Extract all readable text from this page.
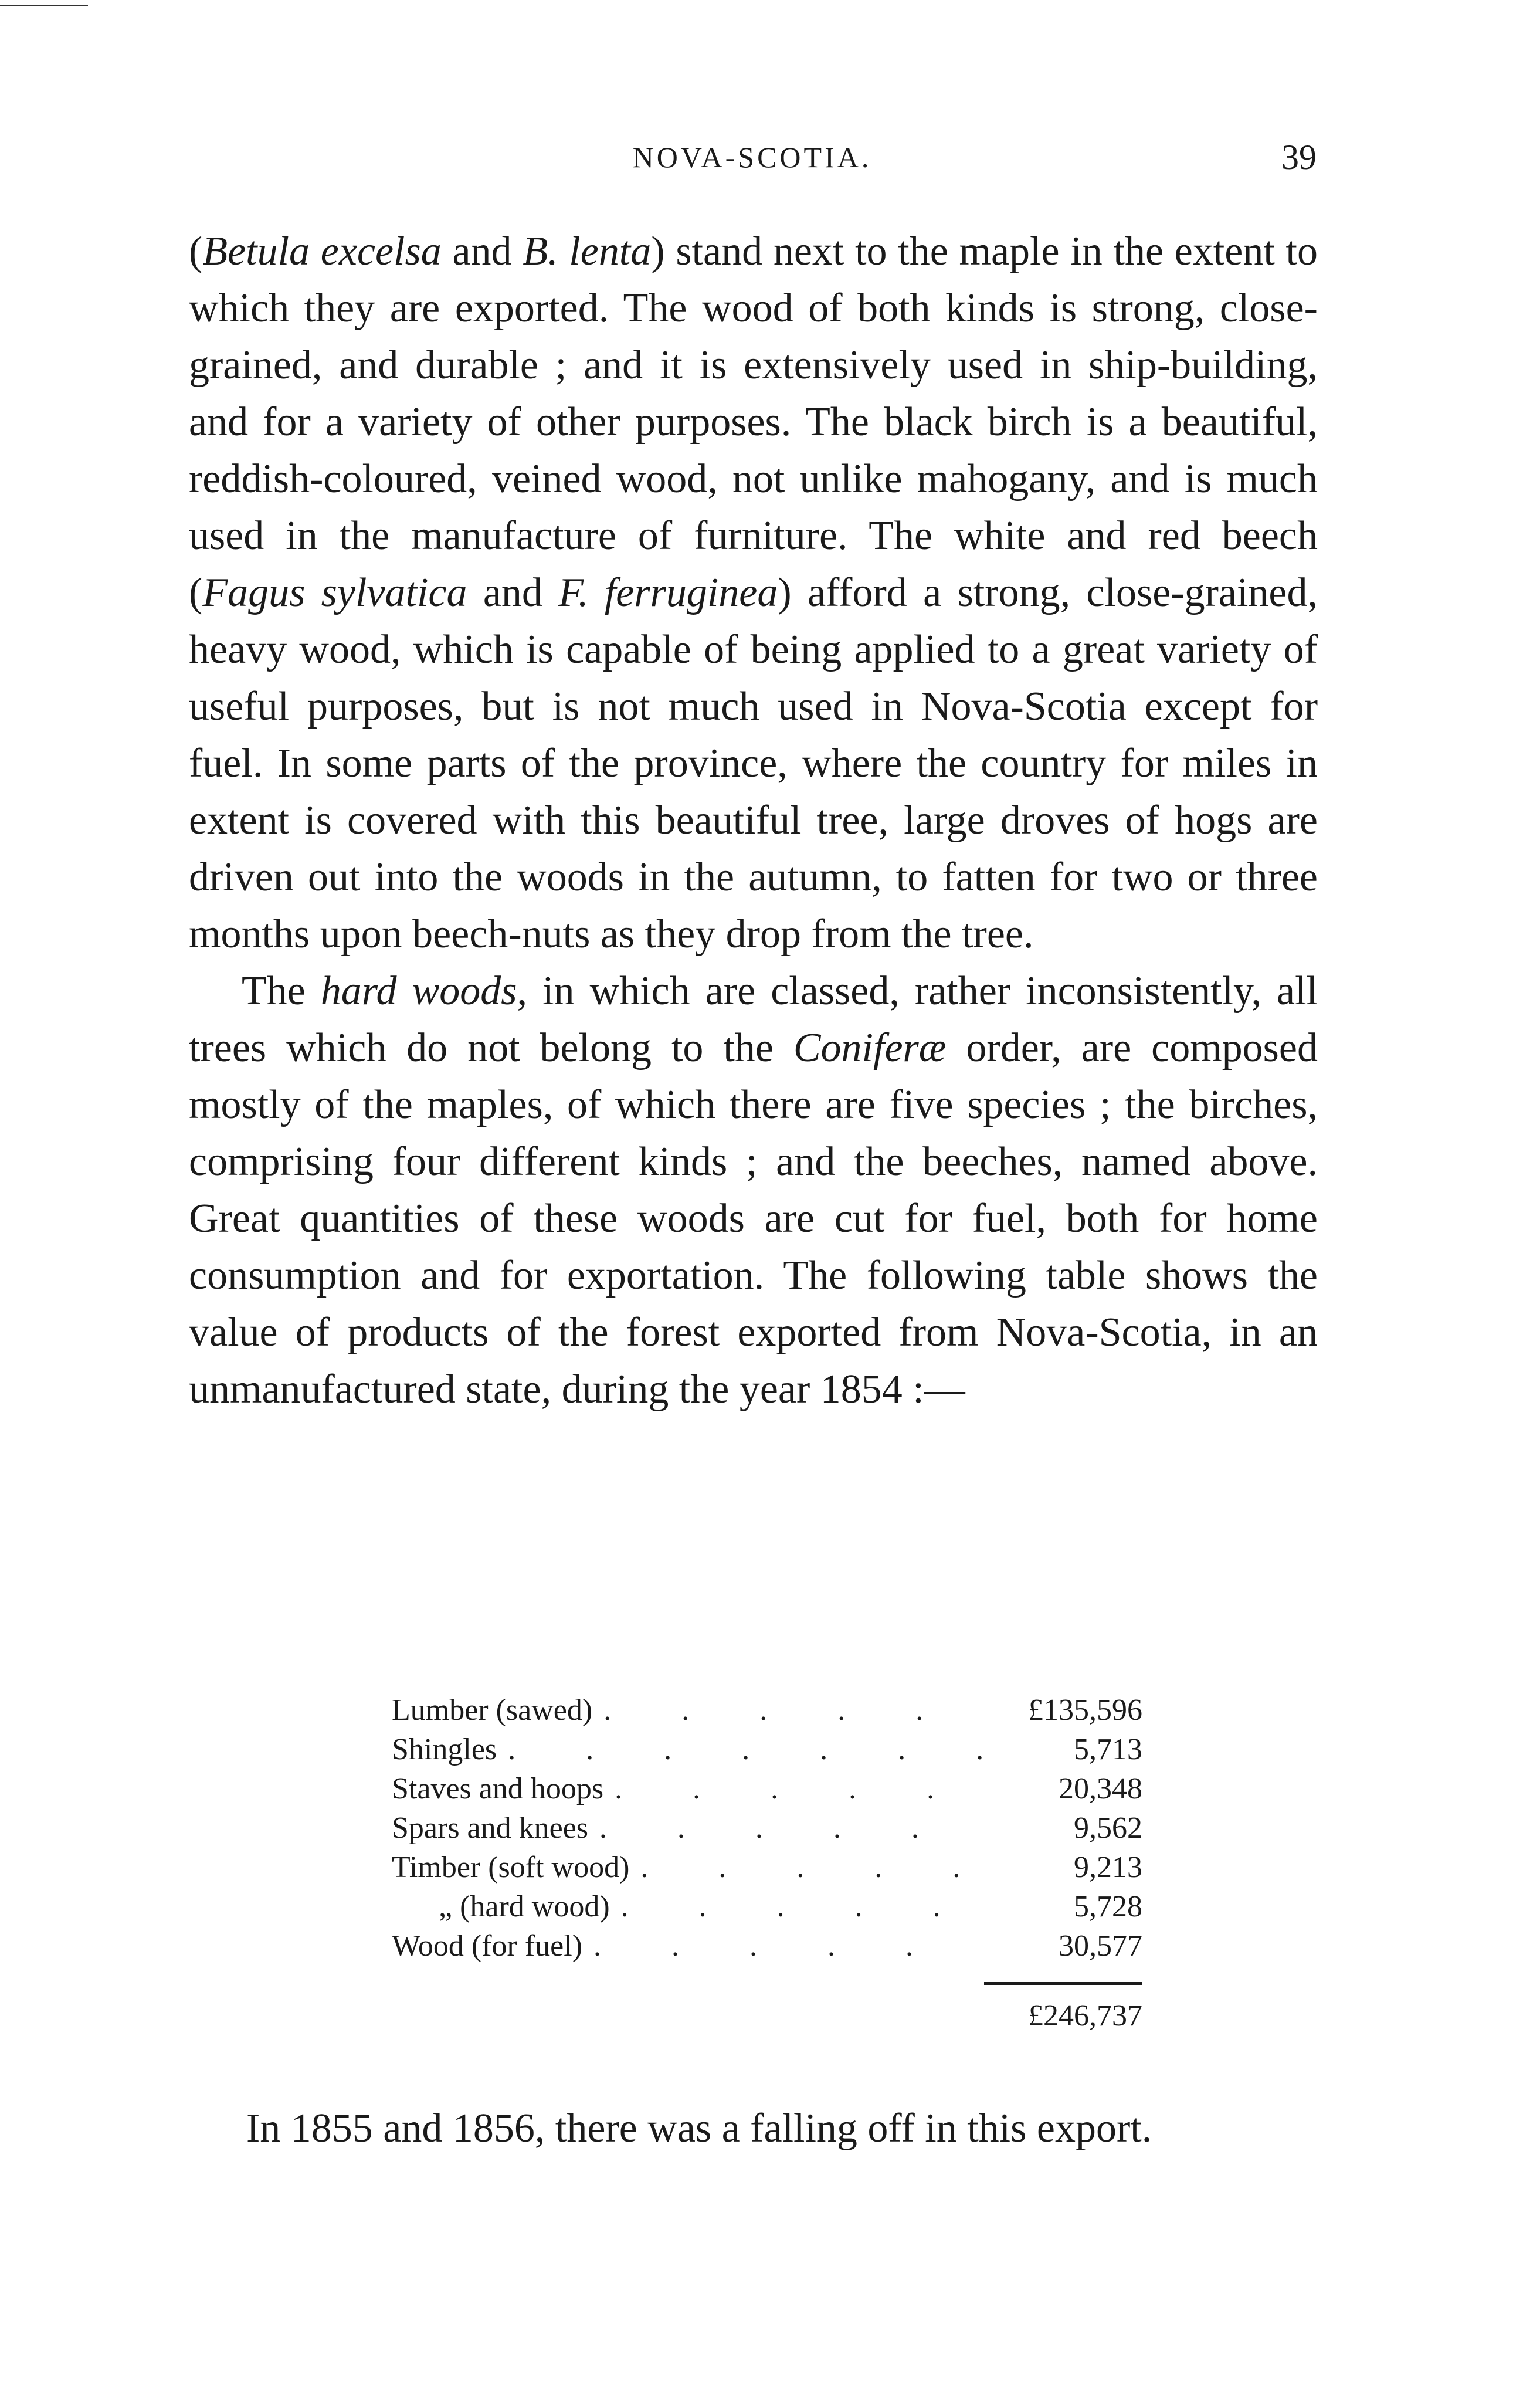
NOVA-SCOTIA.	39

(Betula excelsa and B. lenta) stand next to the maple in the extent to which they are exported. The wood of both kinds is strong, close-grained, and durable ; and it is extensively used in ship-building, and for a variety of other purposes. The black birch is a beautiful, reddish-coloured, veined wood, not unlike mahogany, and is much used in the manufacture of furniture. The white and red beech (Fagus sylvatica and F. ferruginea) afford a strong, close-grained, heavy wood, which is capable of being applied to a great variety of useful purposes, but is not much used in Nova-Scotia except for fuel. In some parts of the province, where the country for miles in extent is covered with this beautiful tree, large droves of hogs are driven out into the woods in the autumn, to fatten for two or three months upon beech-nuts as they drop from the tree.

The hard woods, in which are classed, rather inconsistently, all trees which do not belong to the Coniferæ order, are composed mostly of the maples, of which there are five species ; the birches, comprising four different kinds ; and the beeches, named above. Great quantities of these woods are cut for fuel, both for home consumption and for exportation. The following table shows the value of products of the forest exported from Nova-Scotia, in an unmanufactured state, during the year 1854 :—

Lumber (sawed) .	£135,596
Shingles .	5,713
Staves and hoops .	20,348
Spars and knees .	9,562
Timber (soft wood) .	9,213
„ (hard wood) .	5,728
Wood (for fuel) .	30,577
£246,737
In 1855 and 1856, there was a falling off in this export.
